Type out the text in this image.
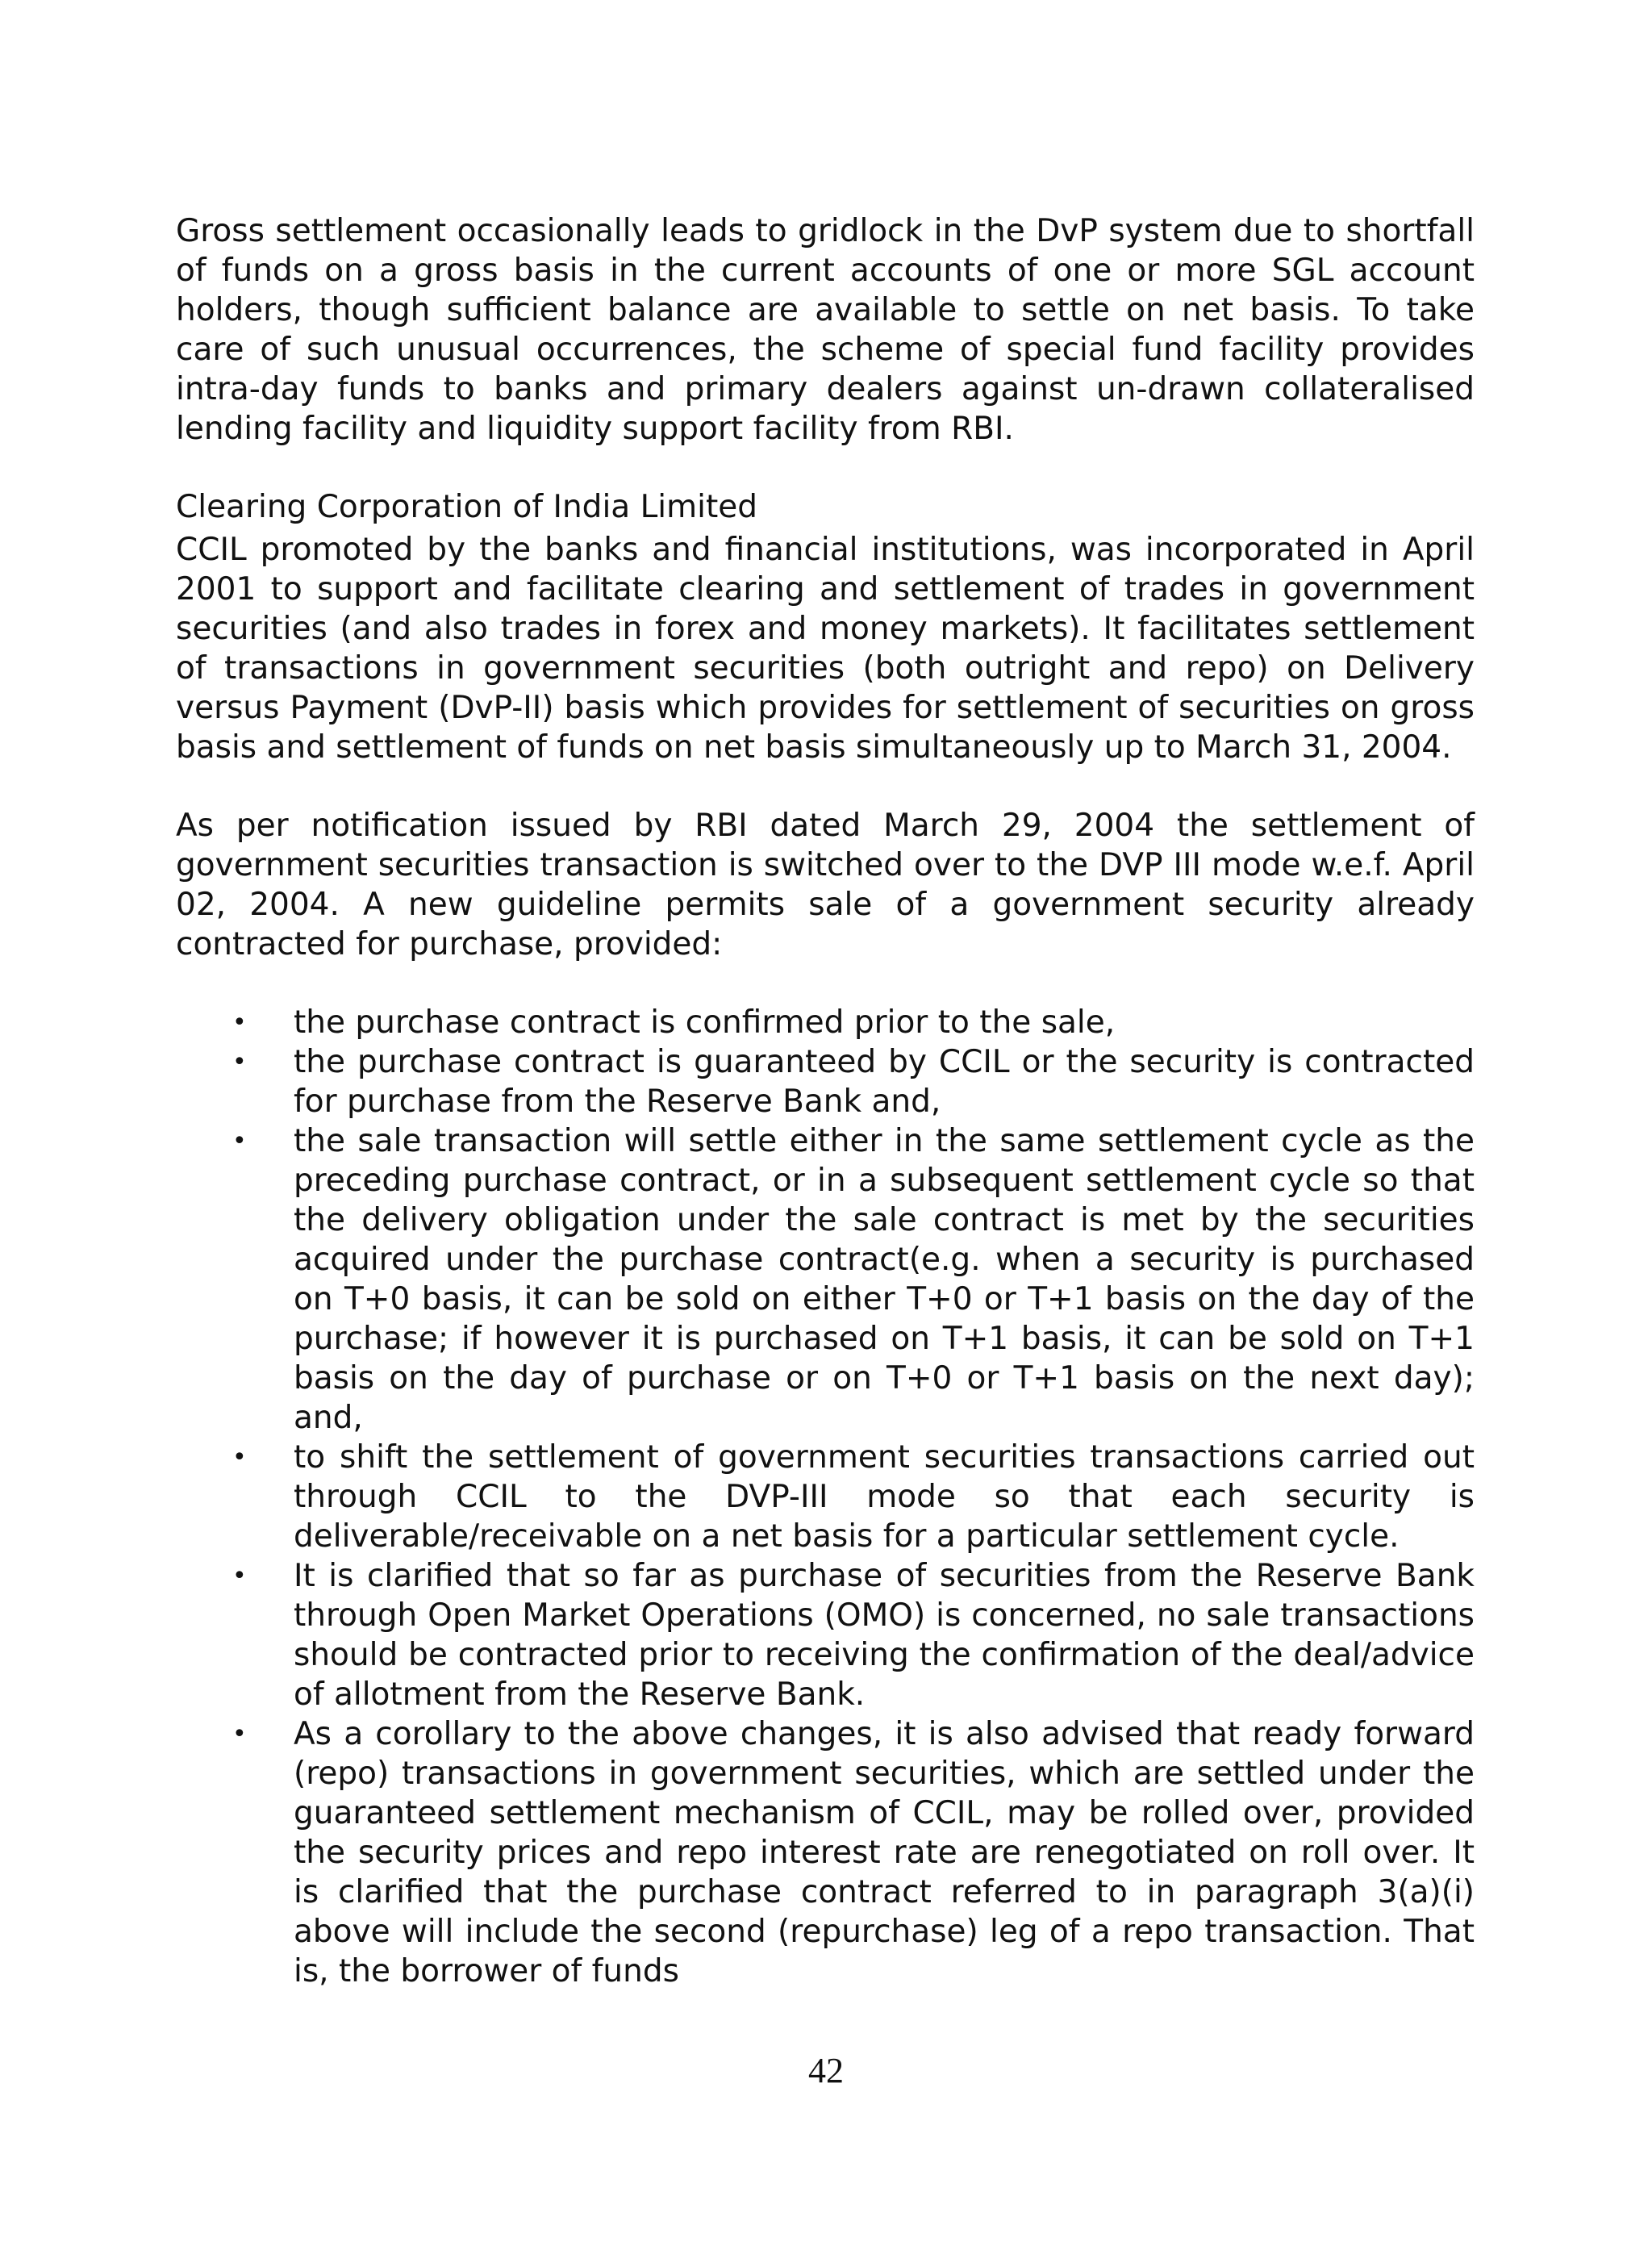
Gross settlement occasionally leads to gridlock in the DvP system due to shortfall of funds on a gross basis in the current accounts of one or more SGL account holders, though sufficient balance are available to settle on net basis. To take care of such unusual occurrences, the scheme of special fund facility provides intra-day funds to banks and primary dealers against un-drawn collateralised lending facility and liquidity support facility from RBI.

Clearing Corporation of India Limited

CCIL promoted by the banks and financial institutions, was incorporated in April 2001 to support and facilitate clearing and settlement of trades in government securities (and also trades in forex and money markets). It facilitates settlement of transactions in government securities (both outright and repo) on Delivery versus Payment (DvP-II) basis which provides for settlement of securities on gross basis and settlement of funds on net basis simultaneously up to March 31, 2004.

As per notification issued by RBI dated March 29, 2004 the settlement of government securities transaction is switched over to the DVP III mode w.e.f. April 02, 2004. A new guideline permits sale of a government security already contracted for purchase, provided:

•	the purchase contract is confirmed prior to the sale,
•	the purchase contract is guaranteed by CCIL or the security is contracted for purchase from the Reserve Bank and,
•	the sale transaction will settle either in the same settlement cycle as the preceding purchase contract, or in a subsequent settlement cycle so that the delivery obligation under the sale contract is met by the securities acquired under the purchase contract(e.g. when a security is purchased on T+0 basis, it can be sold on either T+0 or T+1 basis on the day of the purchase; if however it is purchased on T+1 basis, it can be sold on T+1 basis on the day of purchase or on T+0 or T+1 basis on the next day); and,
•	to shift the settlement of government securities transactions carried out through CCIL to the DVP-III mode so that each security is deliverable/receivable on a net basis for a particular settlement cycle.
•	It is clarified that so far as purchase of securities from the Reserve Bank through Open Market Operations (OMO) is concerned, no sale transactions should be contracted prior to receiving the confirmation of the deal/advice of allotment from the Reserve Bank.
•	As a corollary to the above changes, it is also advised that ready forward (repo) transactions in government securities, which are settled under the guaranteed settlement mechanism of CCIL, may be rolled over, provided the security prices and repo interest rate are renegotiated on roll over. It is clarified that the purchase contract referred to in paragraph 3(a)(i) above will include the second (repurchase) leg of a repo transaction. That is, the borrower of funds
42
